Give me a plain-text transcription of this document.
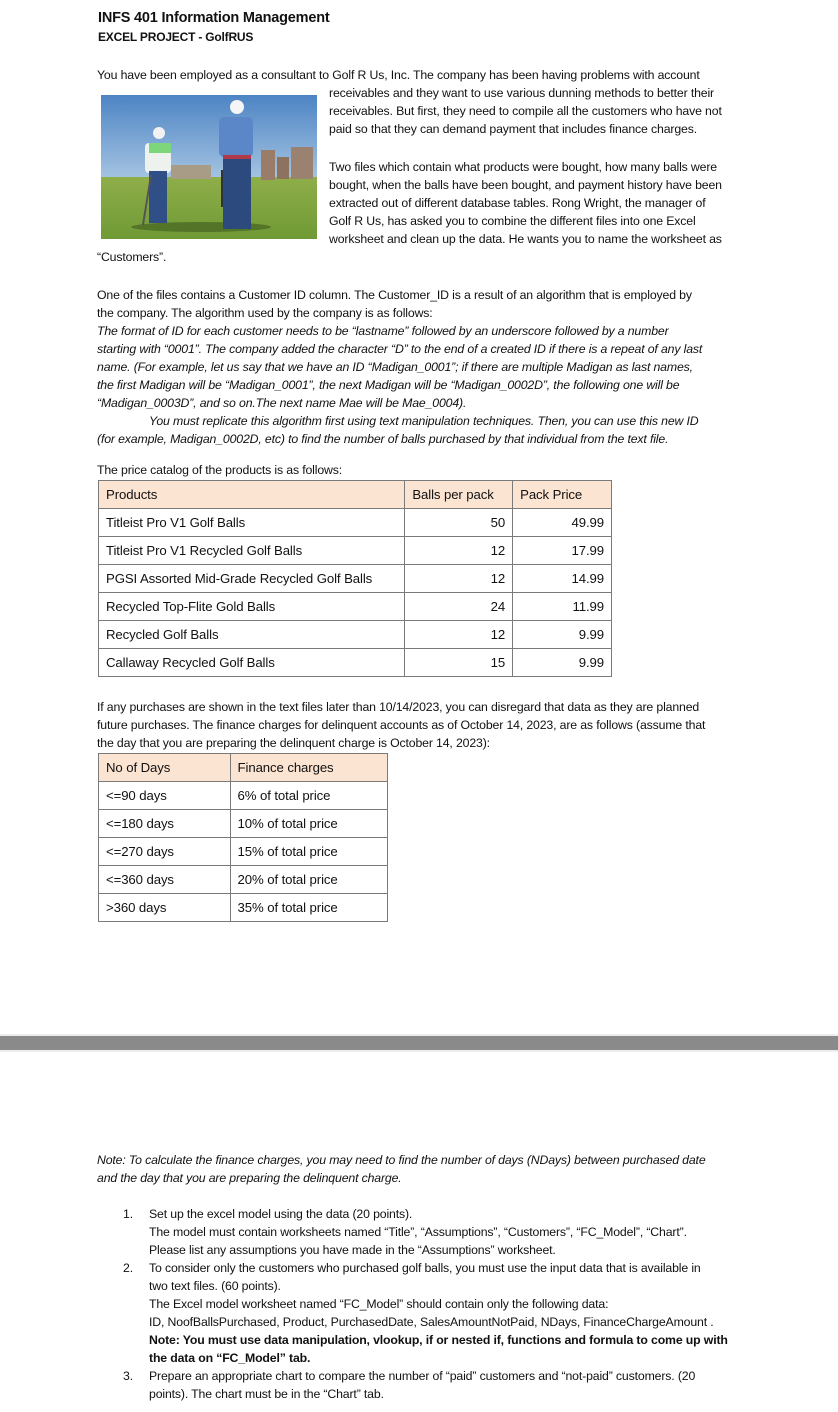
INFS 401 Information Management
EXCEL PROJECT - GolfRUS
You have been employed as a consultant to Golf R Us, Inc. The company has been having problems with account
receivables and they want to use various dunning methods to better their
receivables. But first, they need to compile all the customers who have not
paid so that they can demand payment that includes finance charges.
Two files which contain what products were bought, how many balls were
bought, when the balls have been bought, and payment history have been
extracted out of different database tables. Rong Wright, the manager of
Golf R Us, has asked you to combine the different files into one Excel
worksheet and clean up the data. He wants you to name the worksheet as
“Customers”.
One of the files contains a Customer ID column. The Customer_ID is a result of an algorithm that is employed by
the company. The algorithm used by the company is as follows:
The format of ID for each customer needs to be “lastname” followed by an underscore followed by a number
starting with “0001”. The company added the character “D” to the end of a created ID if there is a repeat of any last
name. (For example, let us say that we have an ID “Madigan_0001”; if there are multiple Madigan as last names,
the first Madigan will be “Madigan_0001”, the next Madigan will be “Madigan_0002D”, the following one will be
“Madigan_0003D”, and so on.The next name Mae will be Mae_0004).
You must replicate this algorithm first using text manipulation techniques. Then, you can use this new ID
(for example, Madigan_0002D, etc) to find the number of balls purchased by that individual from the text file.
The price catalog of the products is as follows:
Products	Balls per pack	Pack Price
Titleist Pro V1 Golf Balls	50	49.99
Titleist Pro V1 Recycled Golf Balls	12	17.99
PGSI Assorted Mid-Grade Recycled Golf Balls	12	14.99
Recycled Top-Flite Gold Balls	24	11.99
Recycled Golf Balls	12	9.99
Callaway Recycled Golf Balls	15	9.99
If any purchases are shown in the text files later than 10/14/2023, you can disregard that data as they are planned
future purchases. The finance charges for delinquent accounts as of October 14, 2023, are as follows (assume that
the day that you are preparing the delinquent charge is October 14, 2023):
No of Days	Finance charges
<=90 days	6% of total price
<=180 days	10% of total price
<=270 days	15% of total price
<=360 days	20% of total price
>360 days	35% of total price
Note: To calculate the finance charges, you may need to find the number of days (NDays) between purchased date
and the day that you are preparing the delinquent charge.
1. Set up the excel model using the data (20 points).
The model must contain worksheets named “Title”, “Assumptions”, “Customers”, “FC_Model”, “Chart”.
Please list any assumptions you have made in the “Assumptions” worksheet.
2. To consider only the customers who purchased golf balls, you must use the input data that is available in
two text files. (60 points).
The Excel model worksheet named “FC_Model” should contain only the following data:
ID, NoofBallsPurchased, Product, PurchasedDate, SalesAmountNotPaid, NDays, FinanceChargeAmount .
Note: You must use data manipulation, vlookup, if or nested if, functions and formula to come up with
the data on “FC_Model” tab.
3. Prepare an appropriate chart to compare the number of “paid” customers and “not-paid” customers. (20
points). The chart must be in the “Chart” tab.
